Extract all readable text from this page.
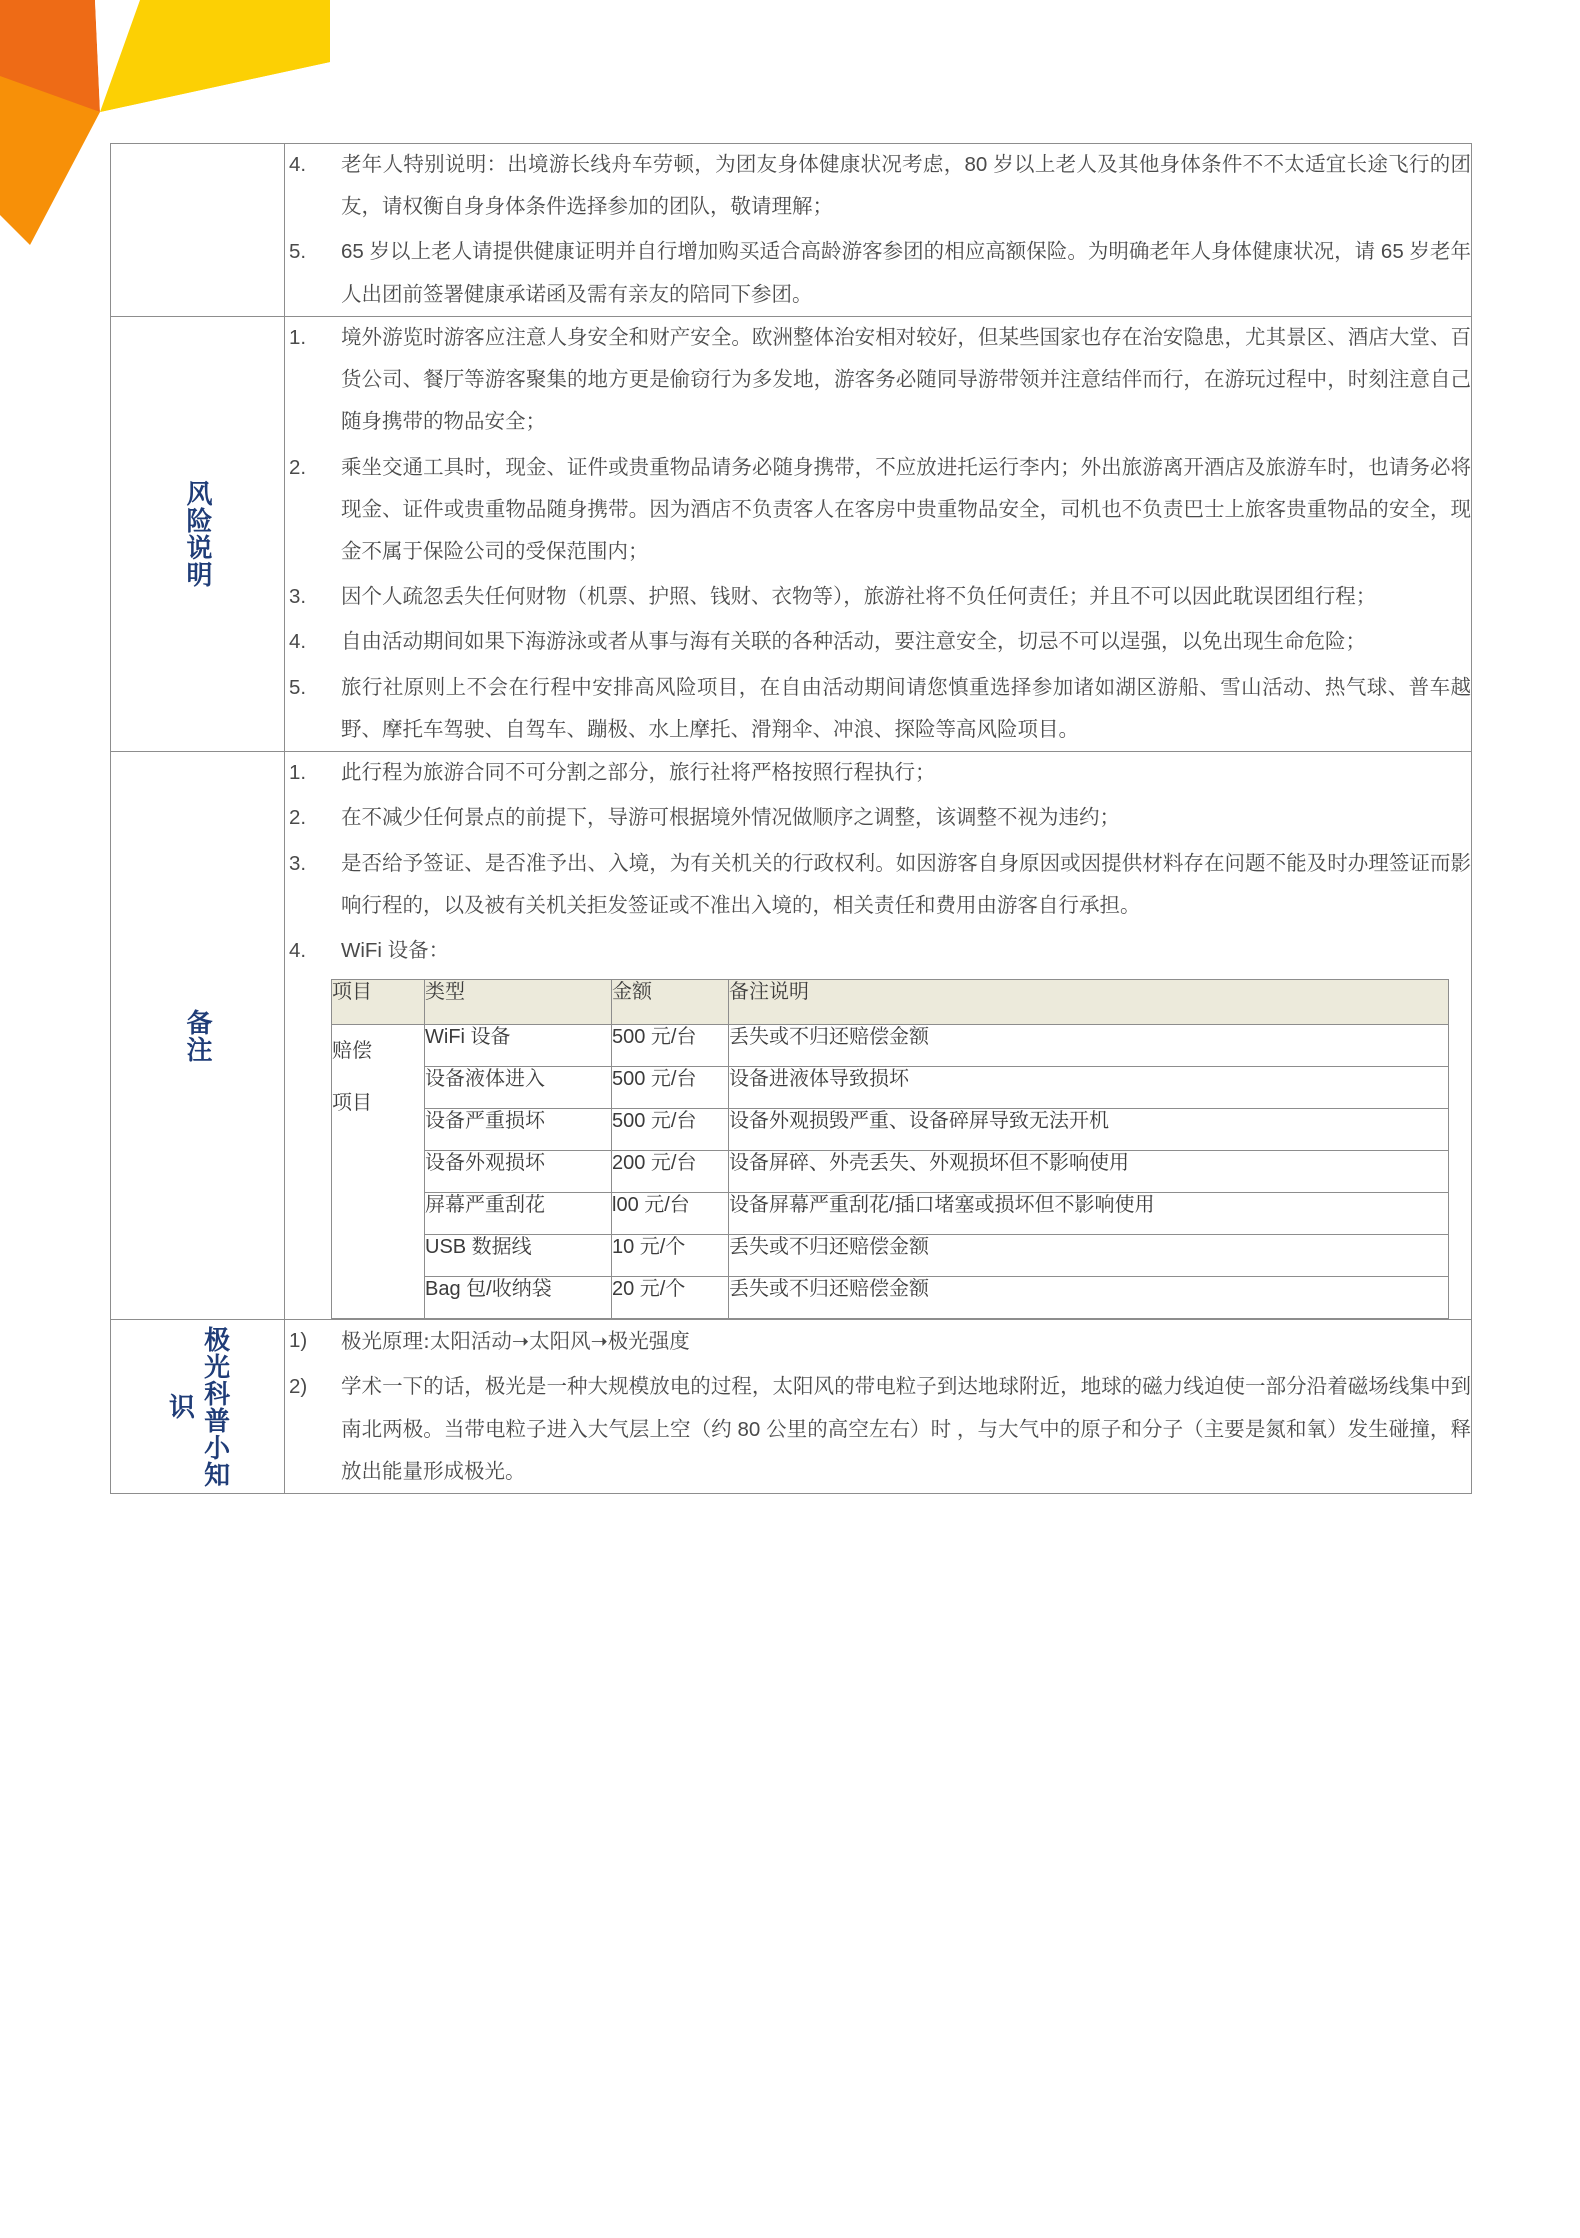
4.	老年人特别说明：出境游长线舟车劳顿，为团友身体健康状况考虑，80 岁以上老人及其他身体条件不不太适宜长途飞行的团友，请权衡自身身体条件选择参加的团队，敬请理解；
5.	65 岁以上老人请提供健康证明并自行增加购买适合高龄游客参团的相应高额保险。为明确老年人身体健康状况，请 65 岁老年人出团前签署健康承诺函及需有亲友的陪同下参团。

风险说明

1.	境外游览时游客应注意人身安全和财产安全。欧洲整体治安相对较好，但某些国家也存在治安隐患，尤其景区、酒店大堂、百货公司、餐厅等游客聚集的地方更是偷窃行为多发地，游客务必随同导游带领并注意结伴而行，在游玩过程中，时刻注意自己随身携带的物品安全；
2.	乘坐交通工具时，现金、证件或贵重物品请务必随身携带，不应放进托运行李内；外出旅游离开酒店及旅游车时，也请务必将现金、证件或贵重物品随身携带。因为酒店不负责客人在客房中贵重物品安全，司机也不负责巴士上旅客贵重物品的安全，现金不属于保险公司的受保范围内；
3.	因个人疏忽丢失任何财物（机票、护照、钱财、衣物等），旅游社将不负任何责任；并且不可以因此耽误团组行程；
4.	自由活动期间如果下海游泳或者从事与海有关联的各种活动，要注意安全，切忌不可以逞强，以免出现生命危险；
5.	旅行社原则上不会在行程中安排高风险项目，在自由活动期间请您慎重选择参加诸如湖区游船、雪山活动、热气球、普车越野、摩托车驾驶、自驾车、蹦极、水上摩托、滑翔伞、冲浪、探险等高风险项目。

备注

1.	此行程为旅游合同不可分割之部分，旅行社将严格按照行程执行；
2.	在不减少任何景点的前提下，导游可根据境外情况做顺序之调整，该调整不视为违约；
3.	是否给予签证、是否准予出、入境，为有关机关的行政权利。如因游客自身原因或因提供材料存在问题不能及时办理签证而影响行程的，以及被有关机关拒发签证或不准出入境的，相关责任和费用由游客自行承担。
4.	WiFi 设备：
项目	类型	金额	备注说明

赔偿
项目
	WiFi 设备	500 元/台	丢失或不归还赔偿金额
设备液体进入	500 元/台	设备进液体导致损坏
设备严重损坏	500 元/台	设备外观损毁严重、设备碎屏导致无法开机
设备外观损坏	200 元/台	设备屏碎、外壳丢失、外观损坏但不影响使用
屏幕严重刮花	l00 元/台	设备屏幕严重刮花/插口堵塞或损坏但不影响使用
USB 数据线	10 元/个	丢失或不归还赔偿金额
Bag 包/收纳袋	20 元/个	丢失或不归还赔偿金额

极光科普小知
识

1)	极光原理:太阳活动➝太阳风➝极光强度
2)	学术一下的话，极光是一种大规模放电的过程，太阳风的带电粒子到达地球附近，地球的磁力线迫使一部分沿着磁场线集中到南北两极。当带电粒子进入大气层上空（约 80 公里的高空左右）时 ，与大气中的原子和分子（主要是氮和氧）发生碰撞，释放出能量形成极光。
